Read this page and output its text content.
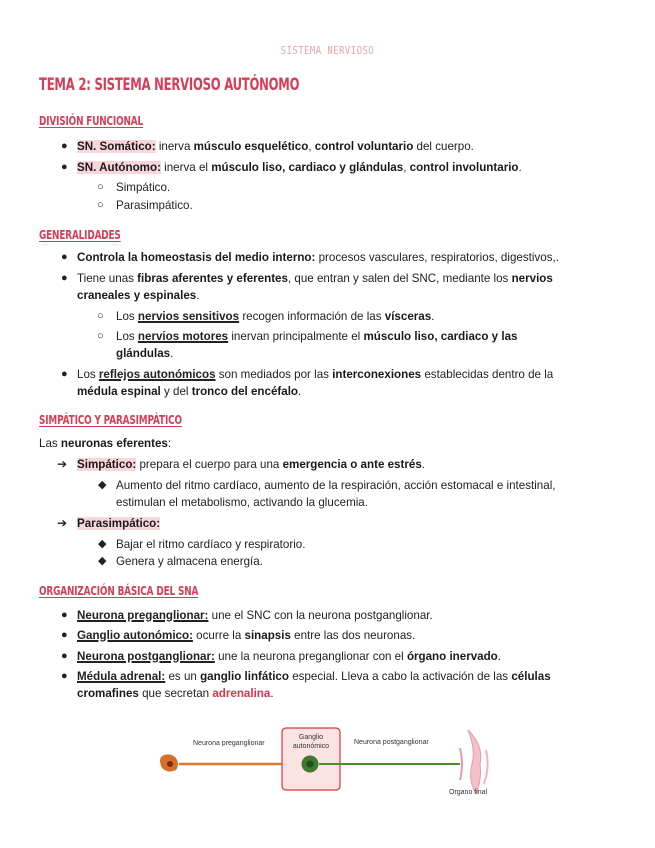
SISTEMA NERVIOSO
TEMA 2: SISTEMA NERVIOSO AUTÓNOMO
DIVISIÓN FUNCIONAL
● SN. Somático: inerva músculo esquelético, control voluntario del cuerpo.
● SN. Autónomo: inerva el músculo liso, cardiaco y glándulas, control involuntario.
○ Simpático.
○ Parasimpático.
GENERALIDADES
● Controla la homeostasis del medio interno: procesos vasculares, respiratorios, digestivos,.
● Tiene unas fibras aferentes y eferentes, que entran y salen del SNC, mediante los nervios
craneales y espinales.
○ Los nervios sensitivos recogen información de las vísceras.
○ Los nervios motores inervan principalmente el músculo liso, cardiaco y las
glándulas.
● Los reflejos autonómicos son mediados por las interconexiones establecidas dentro de la
médula espinal y del tronco del encéfalo.
SIMPÁTICO Y PARASIMPÁTICO
Las neuronas eferentes:
➔ Simpático: prepara el cuerpo para una emergencia o ante estrés.
◆ Aumento del ritmo cardíaco, aumento de la respiración, acción estomacal e intestinal,
estimulan el metabolismo, activando la glucemia.
➔ Parasimpático:
◆ Bajar el ritmo cardíaco y respiratorio.
◆ Genera y almacena energía.
ORGANIZACIÓN BÁSICA DEL SNA
● Neurona preganglionar: une el SNC con la neurona postganglionar.
● Ganglio autonómico: ocurre la sinapsis entre las dos neuronas.
● Neurona postganglionar: une la neurona preganglionar con el órgano inervado.
● Médula adrenal: es un ganglio linfático especial. Lleva a cabo la activación de las células
cromafines que secretan adrenalina.
Neurona preganglionar
Ganglio
autonómico
Neurona postganglionar
Organo final
